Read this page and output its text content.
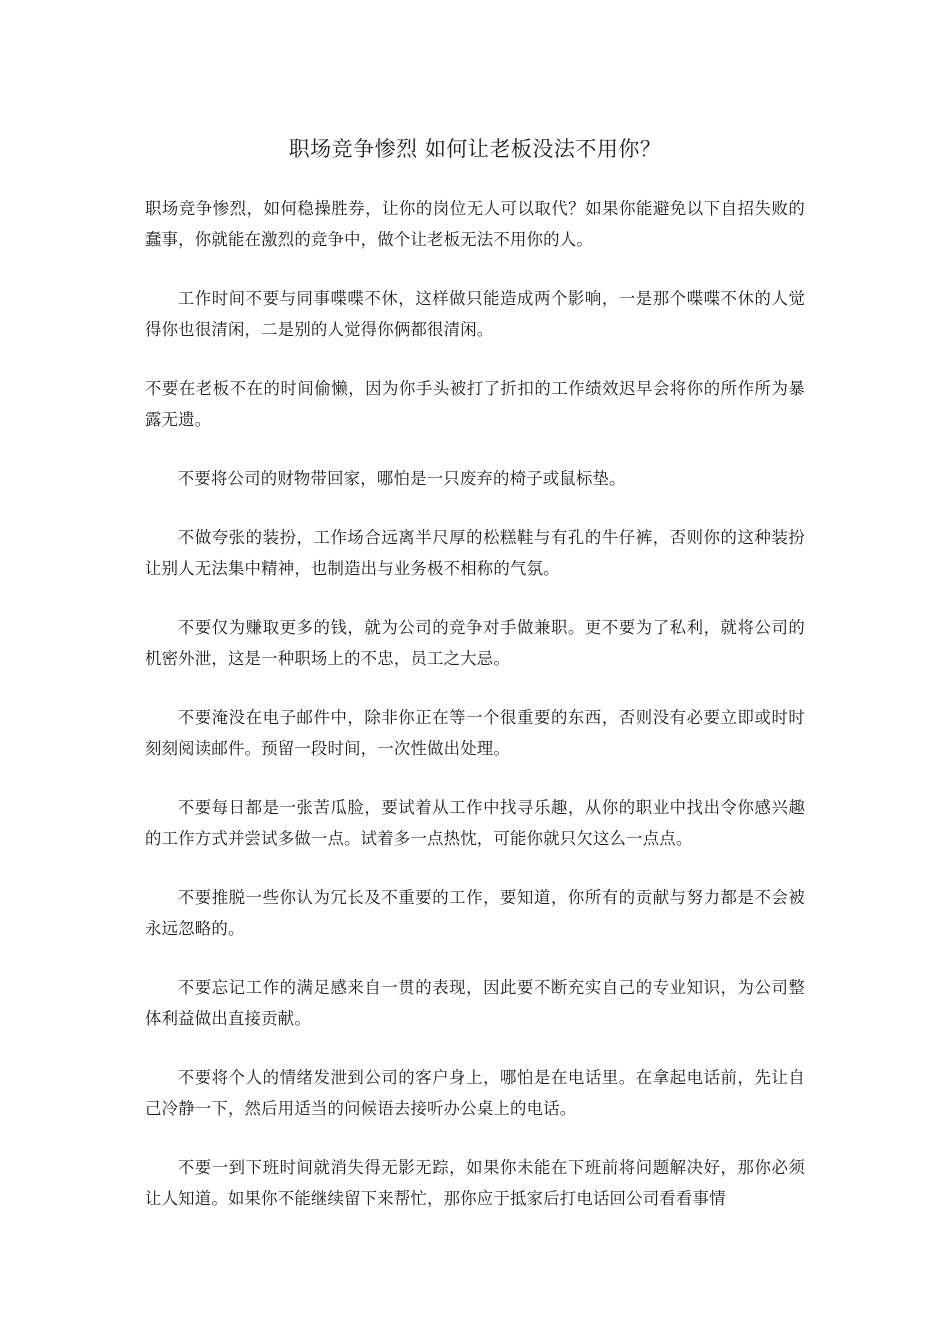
职场竞争惨烈 如何让老板没法不用你？

职场竞争惨烈，如何稳操胜券，让你的岗位无人可以取代？如果你能避免以下自招失败的蠢事，你就能在激烈的竞争中，做个让老板无法不用你的人。

工作时间不要与同事喋喋不休，这样做只能造成两个影响，一是那个喋喋不休的人觉得你也很清闲，二是别的人觉得你俩都很清闲。

不要在老板不在的时间偷懒，因为你手头被打了折扣的工作绩效迟早会将你的所作所为暴露无遗。

不要将公司的财物带回家，哪怕是一只废弃的椅子或鼠标垫。

不做夸张的装扮，工作场合远离半尺厚的松糕鞋与有孔的牛仔裤，否则你的这种装扮让别人无法集中精神，也制造出与业务极不相称的气氛。

不要仅为赚取更多的钱，就为公司的竞争对手做兼职。更不要为了私利，就将公司的机密外泄，这是一种职场上的不忠，员工之大忌。

不要淹没在电子邮件中，除非你正在等一个很重要的东西，否则没有必要立即或时时刻刻阅读邮件。预留一段时间，一次性做出处理。

不要每日都是一张苦瓜脸，要试着从工作中找寻乐趣，从你的职业中找出令你感兴趣的工作方式并尝试多做一点。试着多一点热忱，可能你就只欠这么一点点。

不要推脱一些你认为冗长及不重要的工作，要知道，你所有的贡献与努力都是不会被永远忽略的。

不要忘记工作的满足感来自一贯的表现，因此要不断充实自己的专业知识，为公司整体利益做出直接贡献。

不要将个人的情绪发泄到公司的客户身上，哪怕是在电话里。在拿起电话前，先让自己冷静一下，然后用适当的问候语去接听办公桌上的电话。

不要一到下班时间就消失得无影无踪，如果你未能在下班前将问题解决好，那你必须让人知道。如果你不能继续留下来帮忙，那你应于抵家后打电话回公司看看事情
